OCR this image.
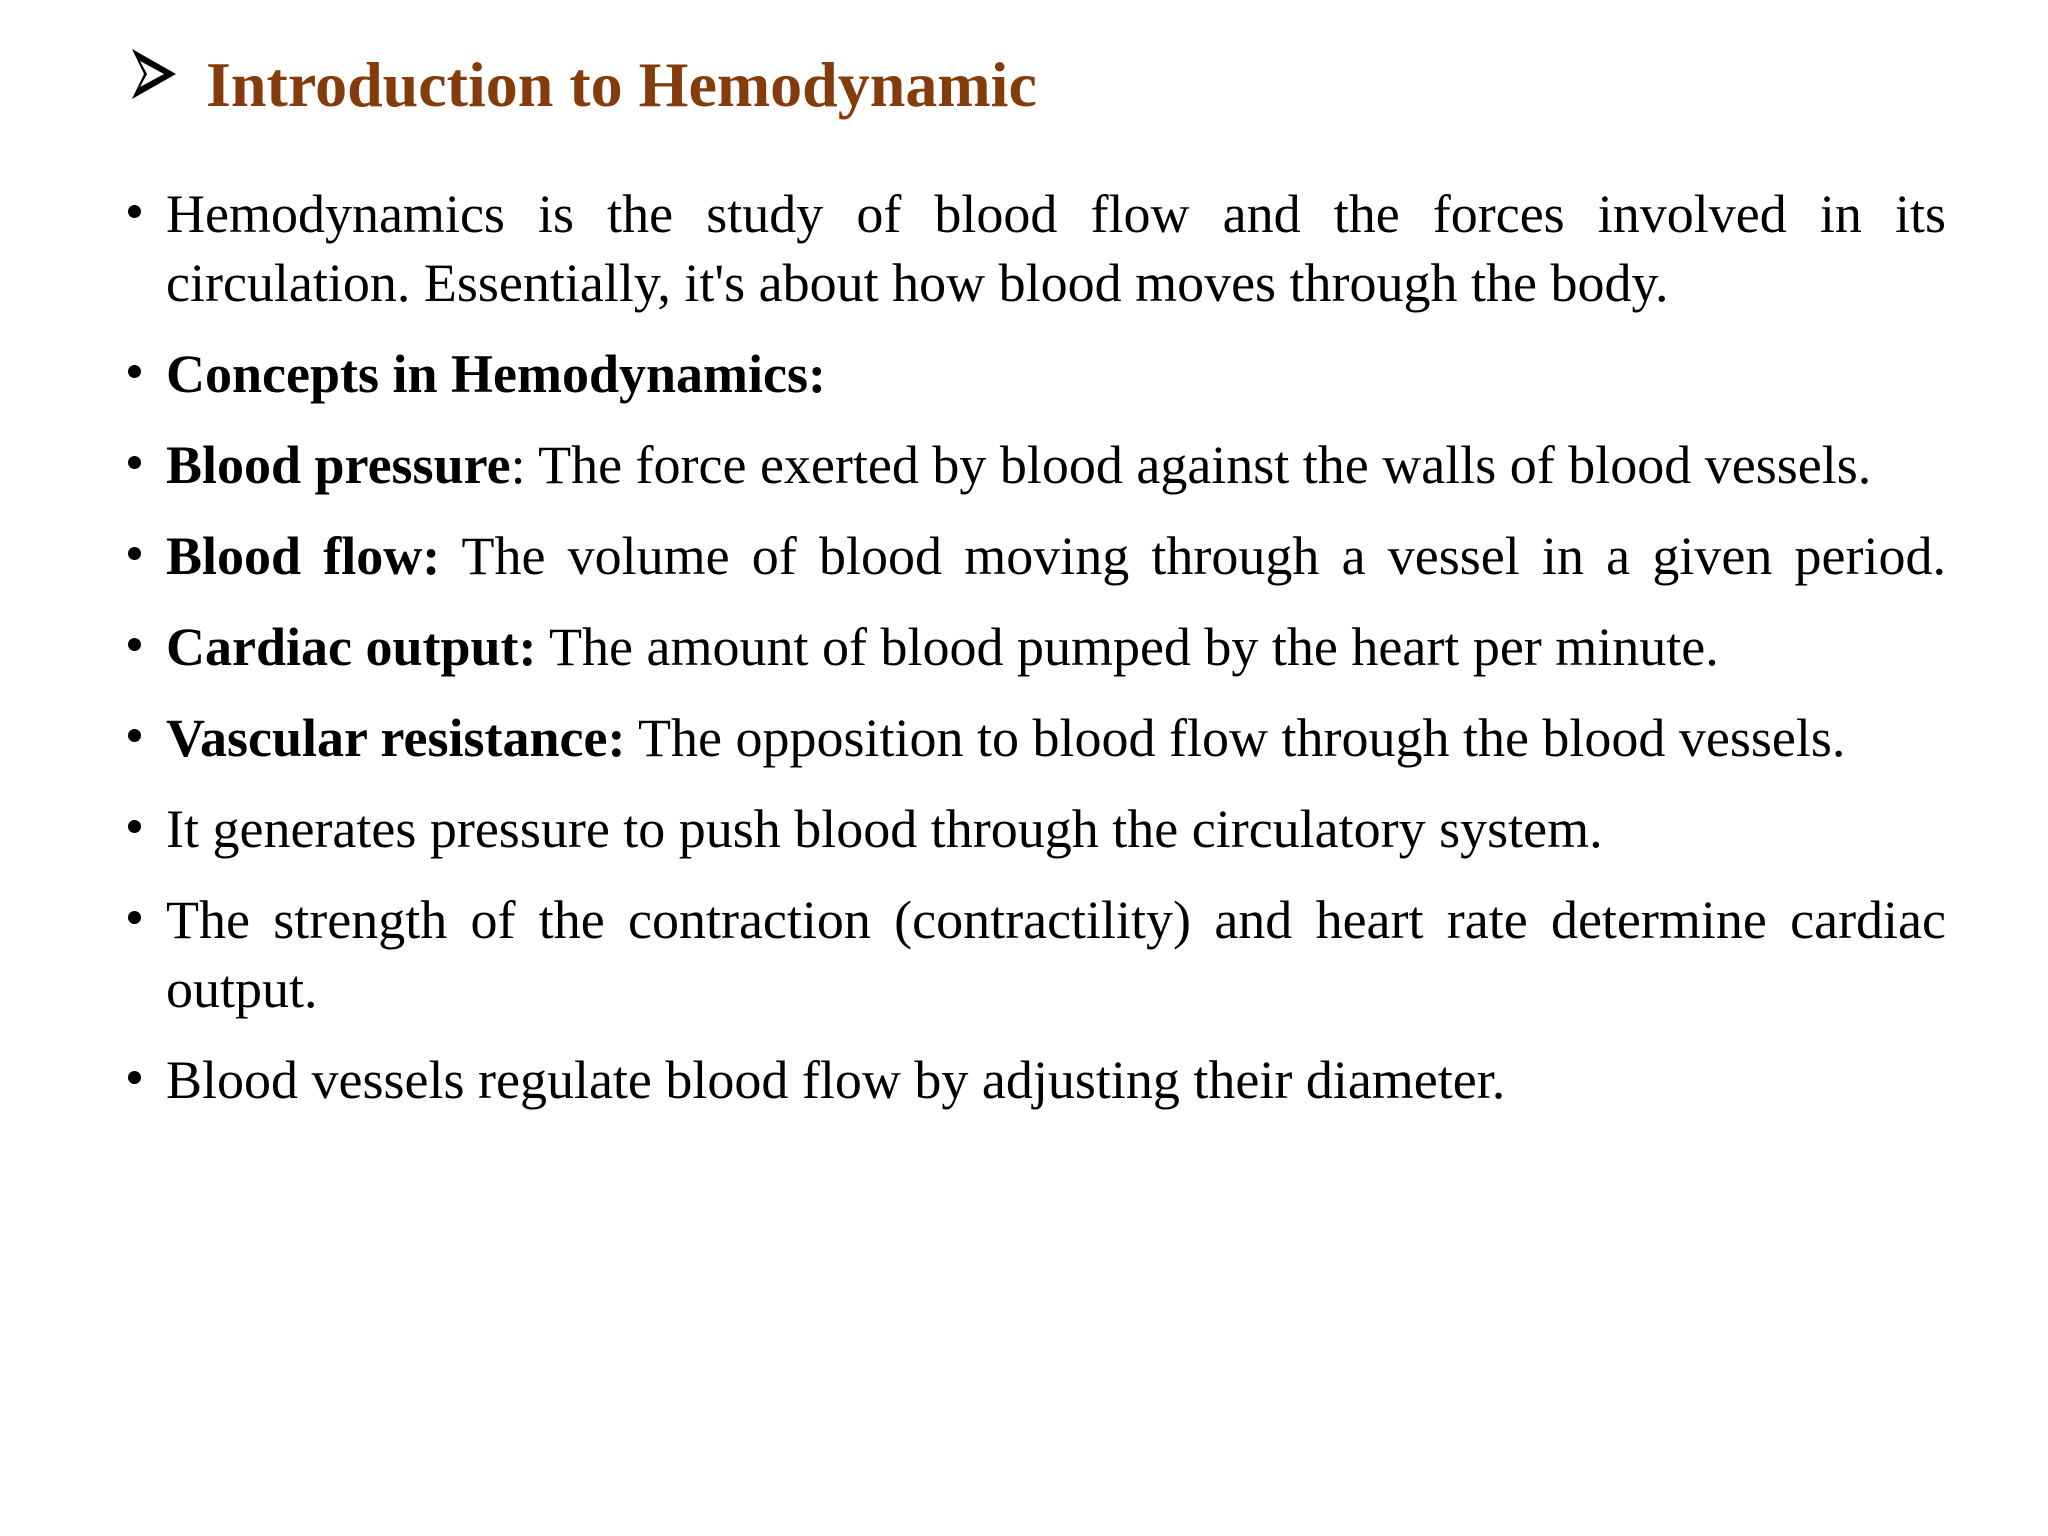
Introduction to Hemodynamic
Hemodynamics is the study of blood flow and the forces involved in its circulation. Essentially, it's about how blood moves through the body.
Concepts in Hemodynamics:
Blood pressure: The force exerted by blood against the walls of blood vessels.
Blood flow: The volume of blood moving through a vessel in a given period.
Cardiac output: The amount of blood pumped by the heart per minute.
Vascular resistance: The opposition to blood flow through the blood vessels.
It generates pressure to push blood through the circulatory system.
The strength of the contraction (contractility) and heart rate determine cardiac output.
Blood vessels regulate blood flow by adjusting their diameter.
